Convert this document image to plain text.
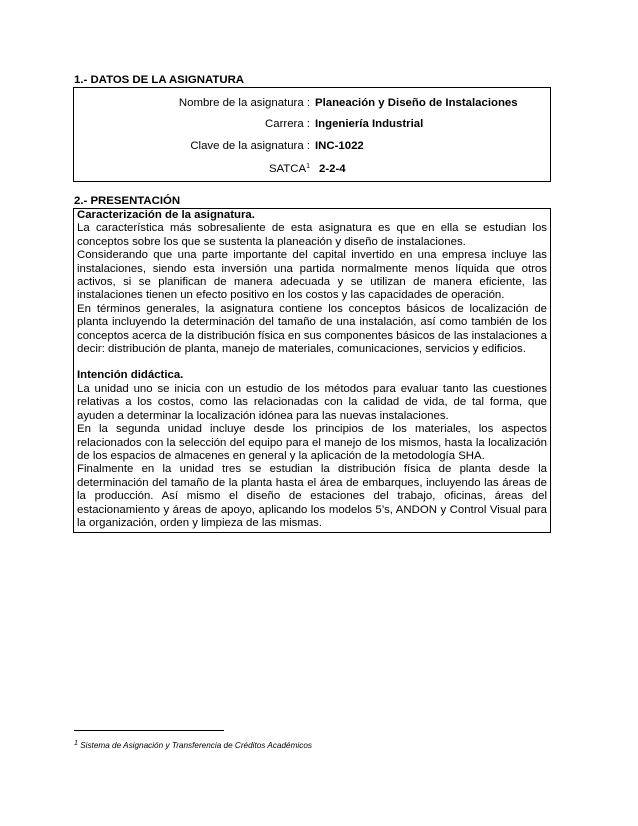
1.- DATOS DE LA ASIGNATURA
Nombre de la asignatura : Planeación y Diseño de Instalaciones
Carrera : Ingeniería Industrial
Clave de la asignatura : INC-1022
SATCA$^1$ 2-2-4
2.- PRESENTACIÓN
Caracterización de la asignatura.

La característica más sobresaliente de esta asignatura es que en ella se estudian los conceptos sobre los que se sustenta la planeación y diseño de instalaciones.

Considerando que una parte importante del capital invertido en una empresa incluye las instalaciones, siendo esta inversión una partida normalmente menos líquida que otros activos, si se planifican de manera adecuada y se utilizan de manera eficiente, las instalaciones tienen un efecto positivo en los costos y las capacidades de operación.

En términos generales, la asignatura contiene los conceptos básicos de localización de planta incluyendo la determinación del tamaño de una instalación, así como también de los conceptos acerca de la distribución física en sus componentes básicos de las instalaciones a decir: distribución de planta, manejo de materiales, comunicaciones, servicios y edificios.

Intención didáctica.

La unidad uno se inicia con un estudio de los métodos para evaluar tanto las cuestiones relativas a los costos, como las relacionadas con la calidad de vida, de tal forma, que ayuden a determinar la localización idónea para las nuevas instalaciones.

En la segunda unidad incluye desde los principios de los materiales, los aspectos relacionados con la selección del equipo para el manejo de los mismos, hasta la localización de los espacios de almacenes en general y la aplicación de la metodología SHA.

Finalmente en la unidad tres se estudian la distribución física de planta desde la determinación del tamaño de la planta hasta el área de embarques, incluyendo las áreas de la producción. Así mismo el diseño de estaciones del trabajo, oficinas, áreas del estacionamiento y áreas de apoyo, aplicando los modelos 5’s, ANDON y Control Visual para la organización, orden y limpieza de las mismas.

$^1$ Sistema de Asignación y Transferencia de Créditos Académicos
